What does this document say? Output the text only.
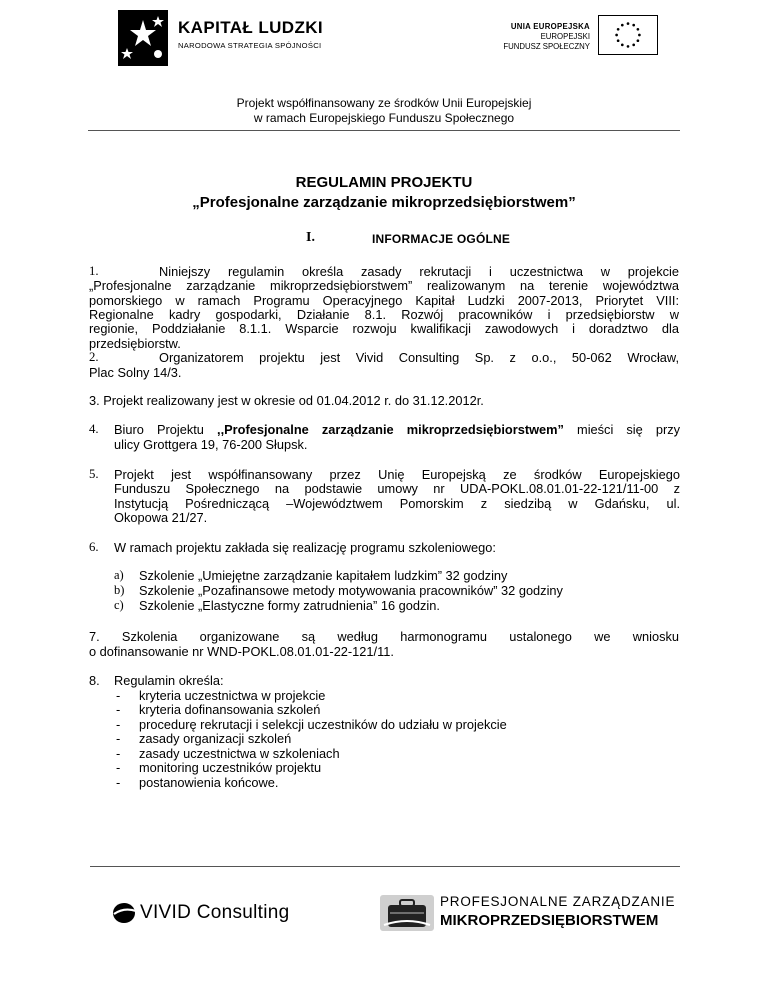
KAPITAŁ LUDZKI
NARODOWA STRATEGIA SPÓJNOŚCI
UNIA EUROPEJSKA
EUROPEJSKI
FUNDUSZ SPOŁECZNY
Projekt współfinansowany ze środków Unii Europejskiej
w ramach Europejskiego Funduszu Społecznego
REGULAMIN PROJEKTU
„Profesjonalne zarządzanie mikroprzedsiębiorstwem”
I.	INFORMACJE OGÓLNE
1.	Niniejszy regulamin określa zasady rekrutacji i uczestnictwa w projekcie
„Profesjonalne zarządzanie mikroprzedsiębiorstwem” realizowanym na terenie województwa
pomorskiego w ramach Programu Operacyjnego Kapitał Ludzki 2007-2013, Priorytet VIII:
Regionalne kadry gospodarki, Działanie 8.1. Rozwój pracowników i przedsiębiorstw w
regionie, Poddziałanie 8.1.1. Wsparcie rozwoju kwalifikacji zawodowych i doradztwo dla
przedsiębiorstw.
2.	Organizatorem projektu jest Vivid Consulting Sp. z o.o., 50-062 Wrocław,
Plac Solny 14/3.
3. Projekt realizowany jest w okresie od 01.04.2012 r. do 31.12.2012r.
4. Biuro Projektu ,,Profesjonalne zarządzanie mikroprzedsiębiorstwem” mieści się przy
ulicy Grottgera 19, 76-200 Słupsk.
5. Projekt jest współfinansowany przez Unię Europejską ze środków Europejskiego
Funduszu Społecznego na podstawie umowy nr UDA-POKL.08.01.01-22-121/11-00 z
Instytucją Pośredniczącą –Województwem Pomorskim z siedzibą w Gdańsku, ul.
Okopowa 21/27.
6. W ramach projektu zakłada się realizację programu szkoleniowego:
a) Szkolenie „Umiejętne zarządzanie kapitałem ludzkim” 32 godziny
b) Szkolenie „Pozafinansowe metody motywowania pracowników” 32 godziny
c) Szkolenie „Elastyczne formy zatrudnienia” 16 godzin.
7. Szkolenia organizowane są według harmonogramu ustalonego we wniosku
o dofinansowanie nr WND-POKL.08.01.01-22-121/11.
8. Regulamin określa:
- kryteria uczestnictwa w projekcie
- kryteria dofinansowania szkoleń
- procedurę rekrutacji i selekcji uczestników do udziału w projekcie
- zasady organizacji szkoleń
- zasady uczestnictwa w szkoleniach
- monitoring uczestników projektu
- postanowienia końcowe.
VIVID Consulting
PROFESJONALNE ZARZĄDZANIE
MIKROPRZEDSIĘBIORSTWEM
